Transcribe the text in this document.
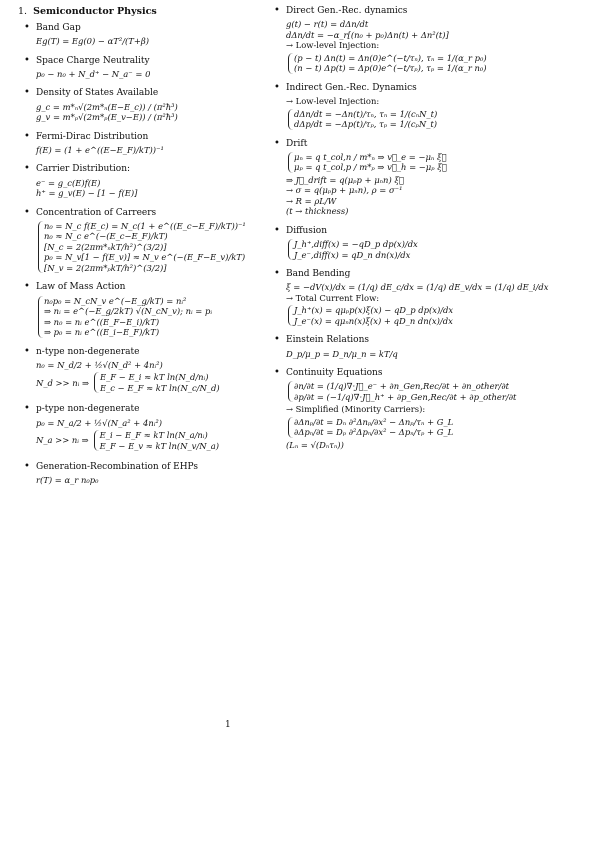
1. Semiconductor Physics
• Band Gap
Eg(T) = Eg(0) − αT²/(T+β)
• Space Charge Neutrality
p₀ − n₀ + N_d⁺ − N_a⁻ = 0
• Density of States Available
g_c = m*ₙ√(2m*ₙ(E−E_c)) / (π²ħ³)
g_v = m*ₚ√(2m*ₚ(E_v−E)) / (π²ħ³)
• Fermi-Dirac Distribution
f(E) = (1 + e^((E−E_F)/kT))⁻¹
• Carrier Distribution:
e⁻ = g_c(E)f(E)
h⁺ = g_v(E) − [1 − f(E)]
• Concentration of Carreers
n₀ = N_c f(E_c) = N_c(1 + e^((E_c−E_F)/kT))⁻¹
n₀ ≈ N_c e^(−(E_c−E_F)/kT)
[N_c = 2(2πm*ₙkT/h²)^(3/2)]
p₀ = N_v[1 − f(E_v)] ≈ N_v e^(−(E_F−E_v)/kT)
[N_v = 2(2πm*ₚkT/h²)^(3/2)]
• Law of Mass Action
n₀p₀ = N_cN_v e^(−E_g/kT) = nᵢ²
⇒ nᵢ = e^(−E_g/2kT) √(N_cN_v); nᵢ = pᵢ
⇒ n₀ = nᵢ e^((E_F−E_i)/kT)
⇒ p₀ = nᵢ e^((E_i−E_F)/kT)
• n-type non-degenerate
n₀ = N_d/2 + ½√(N_d² + 4nᵢ²)
N_d >> nᵢ ⇒
E_F − E_i ≈ kT ln(N_d/nᵢ)
E_c − E_F ≈ kT ln(N_c/N_d)
• p-type non-degenerate
p₀ = N_a/2 + ½√(N_a² + 4nᵢ²)
N_a >> nᵢ ⇒
E_i − E_F ≈ kT ln(N_a/nᵢ)
E_F − E_v ≈ kT ln(N_v/N_a)
• Generation-Recombination of EHPs
r(T) = α_r n₀p₀
• Direct Gen.-Rec. dynamics
g(t) − r(t) = dΔn/dt
dΔn/dt = −α_r[(n₀ + p₀)Δn(t) + Δn²(t)]
→ Low-level Injection:
(p − t) Δn(t) = Δn(0)e^(−t/τₙ), τₙ = 1/(α_r p₀)
(n − t) Δp(t) = Δp(0)e^(−t/τₚ), τₚ = 1/(α_r n₀)
• Indirect Gen.-Rec. Dynamics
→ Low-level Injection:
dΔn/dt = −Δn(t)/τₙ, τₙ = 1/(cₙN_t)
dΔp/dt = −Δp(t)/τₚ, τₚ = 1/(cₚN_t)
• Drift
μₙ = q t_col,n / m*ₙ ⇒ v⃗_e = −μₙ ξ⃗
μₚ = q t_col,p / m*ₚ ⇒ v⃗_h = −μₚ ξ⃗
⇒ J⃗_drift = q(μₚp + μₙn) ξ⃗
→ σ = q(μₚp + μₙn), ρ = σ⁻¹
→ R = ρL/W
(t → thickness)
• Diffusion
J_h⁺,diff(x) = −qD_p dp(x)/dx
J_e⁻,diff(x) = qD_n dn(x)/dx
• Band Bending
ξ = −dV(x)/dx = (1/q) dE_c/dx = (1/q) dE_v/dx = (1/q) dE_i/dx
→ Total Current Flow:
J_h⁺(x) = qμₚp(x)ξ(x) − qD_p dp(x)/dx
J_e⁻(x) = qμₙn(x)ξ(x) + qD_n dn(x)/dx
• Einstein Relations
D_p/μ_p = D_n/μ_n = kT/q
• Continuity Equations
∂n/∂t = (1/q)∇·J⃗_e⁻ + ∂n_Gen,Rec/∂t + ∂n_other/∂t
∂p/∂t = (−1/q)∇·J⃗_h⁺ + ∂p_Gen,Rec/∂t + ∂p_other/∂t
→ Simplified (Minority Carriers):
∂Δnₚ/∂t = Dₙ ∂²Δnₚ/∂x² − Δnₚ/τₙ + G_L
∂Δpₙ/∂t = Dₚ ∂²Δpₙ/∂x² − Δpₙ/τₚ + G_L
(Lₙ = √(Dₙτₙ))
1
